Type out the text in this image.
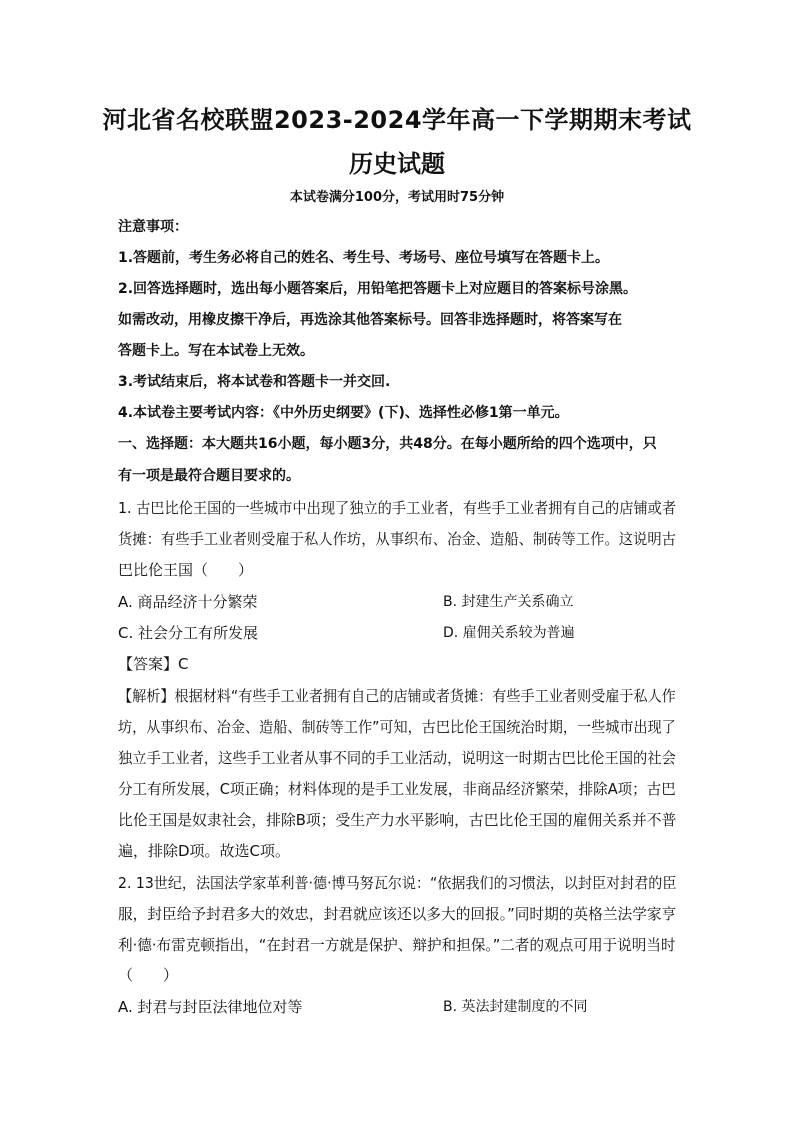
河北省名校联盟2023-2024学年高一下学期期末考试
历史试题
本试卷满分100分，考试用时75分钟
注意事项：
1.答题前，考生务必将自己的姓名、考生号、考场号、座位号填写在答题卡上。
2.回答选择题时，选出每小题答案后，用铅笔把答题卡上对应题目的答案标号涂黑。
如需改动，用橡皮擦干净后，再选涂其他答案标号。回答非选择题时，将答案写在
答题卡上。写在本试卷上无效。
3.考试结束后，将本试卷和答题卡一并交回.
4.本试卷主要考试内容：《中外历史纲要》(下)、选择性必修1第一单元。
一、选择题：本大题共16小题，每小题3分，共48分。在每小题所给的四个选项中，只
有一项是最符合题目要求的。
1. 古巴比伦王国的一些城市中出现了独立的手工业者，有些手工业者拥有自己的店铺或者
货摊：有些手工业者则受雇于私人作坊，从事织布、冶金、造船、制砖等工作。这说明古
巴比伦王国（　　）
A. 商品经济十分繁荣	B. 封建生产关系确立
C. 社会分工有所发展	D. 雇佣关系较为普遍
【答案】C
【解析】根据材料“有些手工业者拥有自己的店铺或者货摊：有些手工业者则受雇于私人作
坊，从事织布、冶金、造船、制砖等工作”可知，古巴比伦王国统治时期，一些城市出现了
独立手工业者，这些手工业者从事不同的手工业活动，说明这一时期古巴比伦王国的社会
分工有所发展，C项正确；材料体现的是手工业发展，非商品经济繁荣，排除A项；古巴
比伦王国是奴隶社会，排除B项；受生产力水平影响，古巴比伦王国的雇佣关系并不普
遍，排除D项。故选C项。
2. 13世纪，法国法学家革利普·德·博马努瓦尔说：“依据我们的习惯法，以封臣对封君的臣
服，封臣给予封君多大的效忠，封君就应该还以多大的回报。”同时期的英格兰法学家亨
利·德·布雷克顿指出，“在封君一方就是保护、辩护和担保。”二者的观点可用于说明当时
（　　）
A. 封君与封臣法律地位对等	B. 英法封建制度的不同
